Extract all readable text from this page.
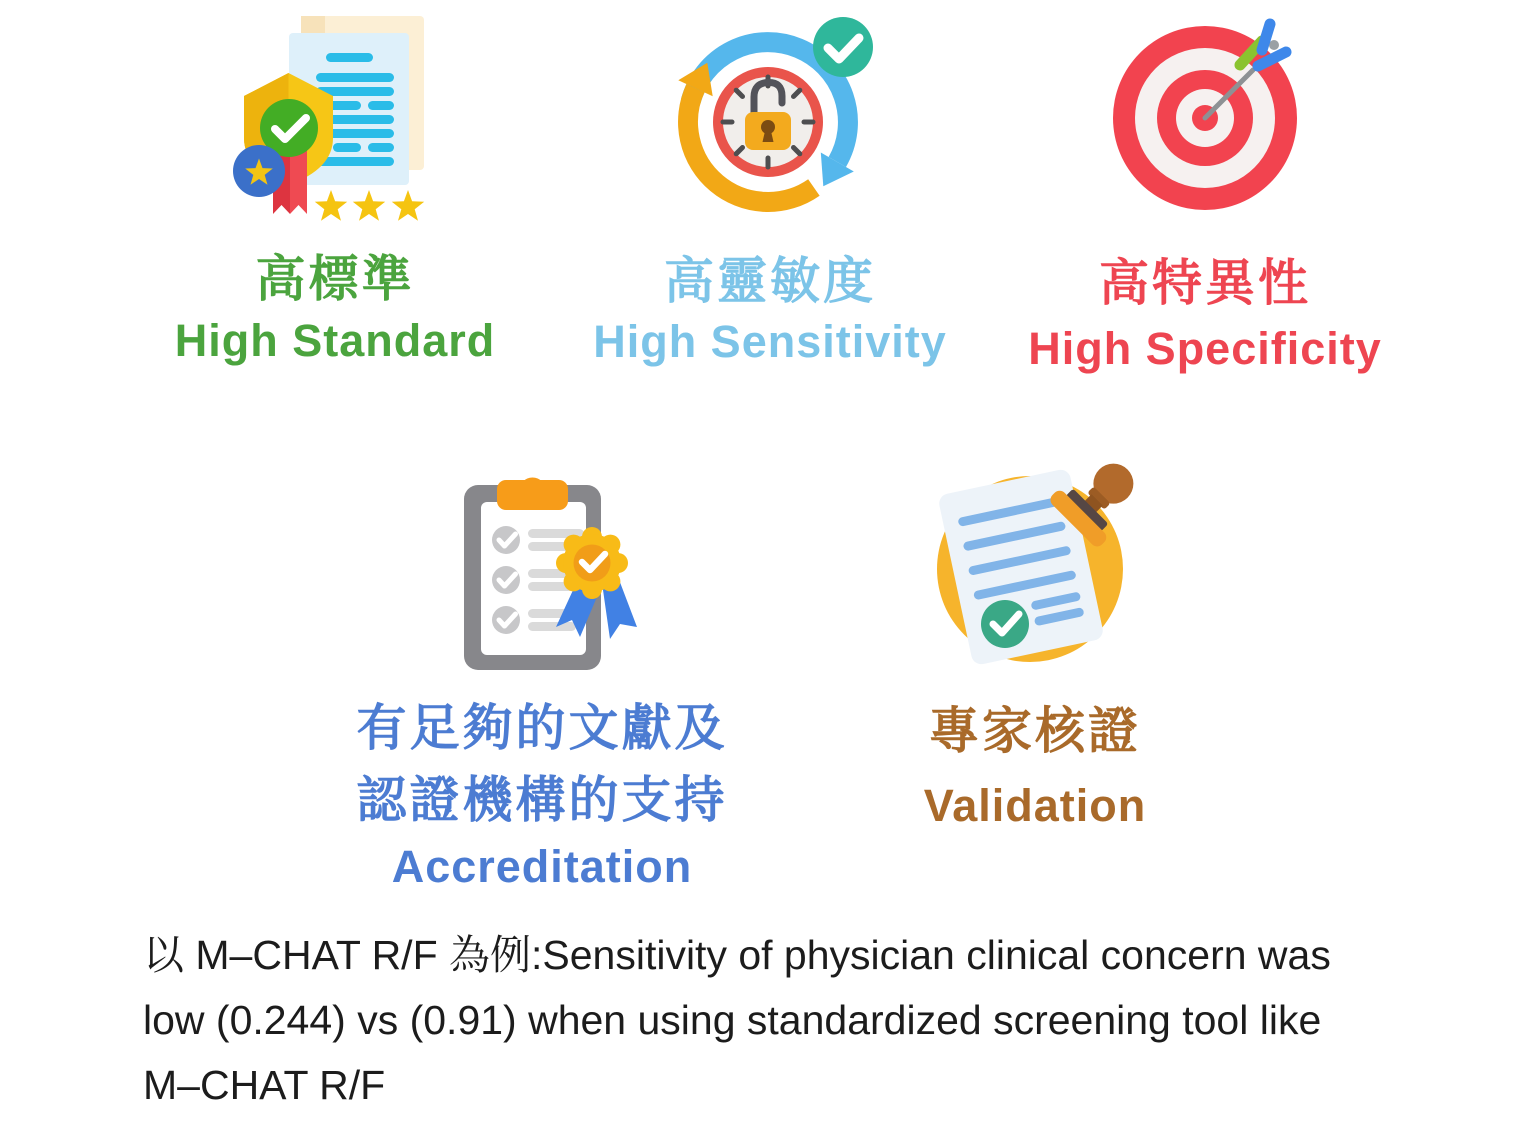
高標準
High Standard
高靈敏度
High Sensitivity
高特異性
High Specificity
有足夠的文獻及
認證機構的支持
Accreditation
專家核證
Validation
以 M–CHAT R/F 為例:Sensitivity of physician clinical concern was
low (0.244) vs (0.91) when using standardized screening tool like
M–CHAT R/F
